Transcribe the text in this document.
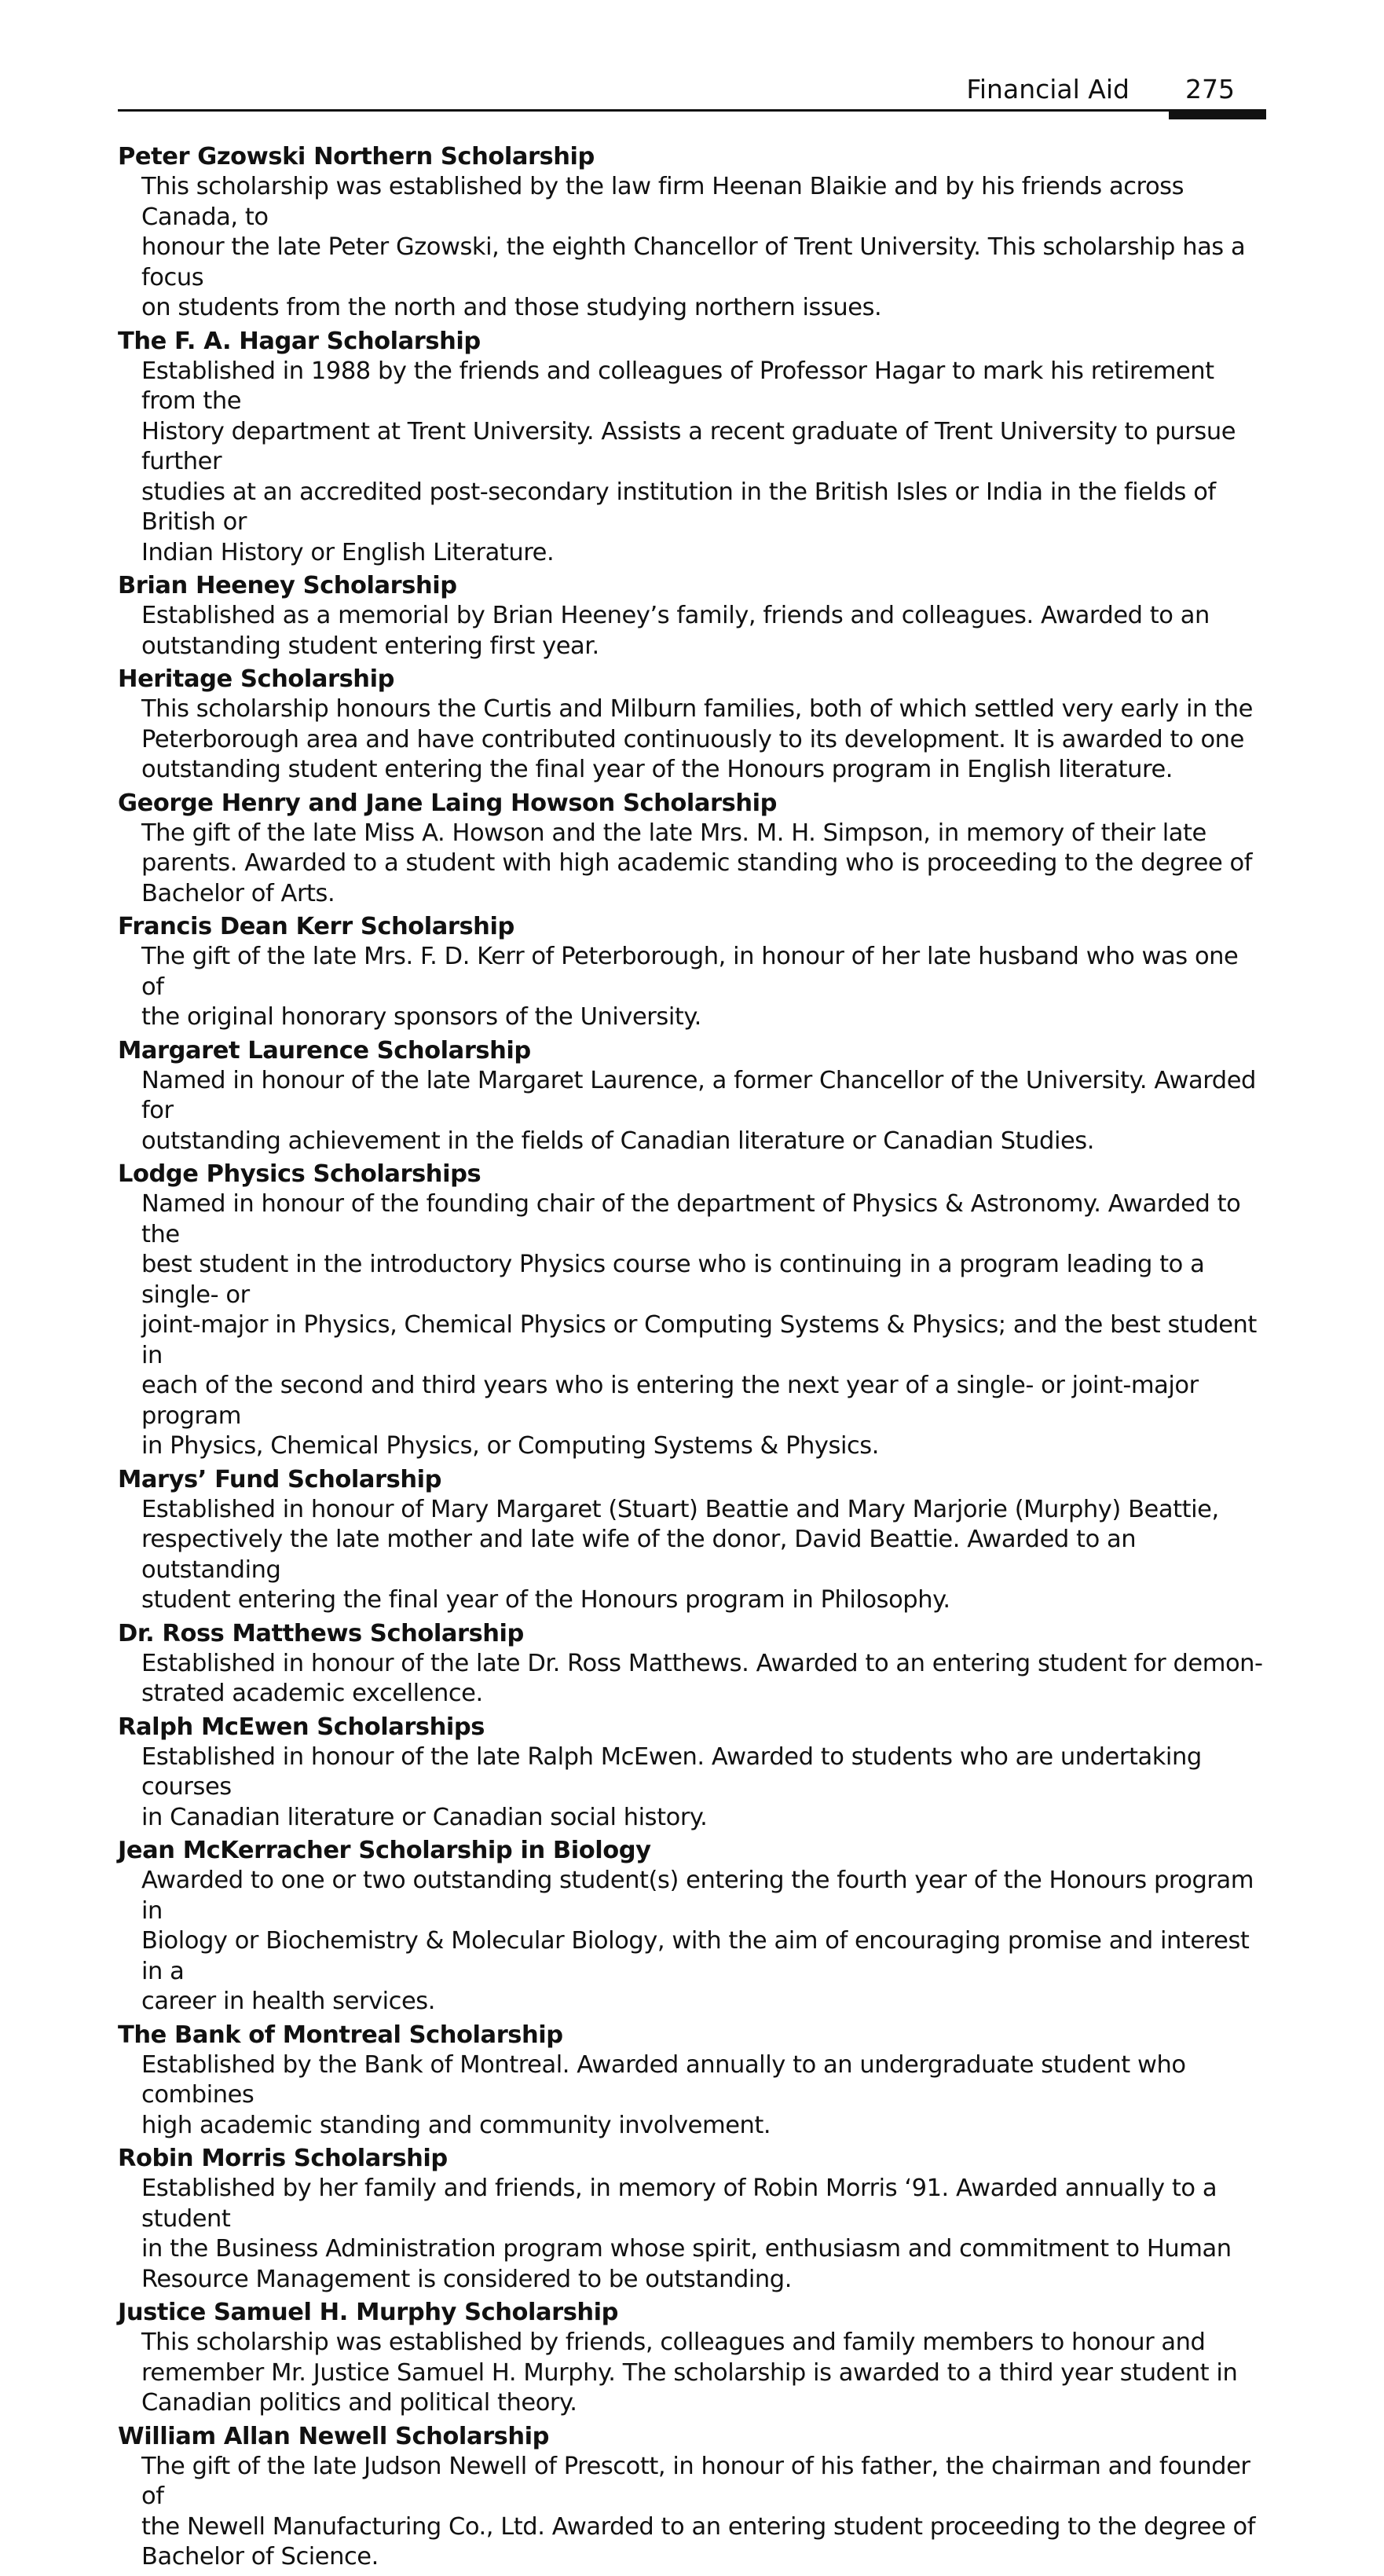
Financial Aid 275
Peter Gzowski Northern Scholarship
This scholarship was established by the law firm Heenan Blaikie and by his friends across Canada, to
honour the late Peter Gzowski, the eighth Chancellor of Trent University. This scholarship has a focus
on students from the north and those studying northern issues.
The F. A. Hagar Scholarship
Established in 1988 by the friends and colleagues of Professor Hagar to mark his retirement from the
History department at Trent University. Assists a recent graduate of Trent University to pursue further
studies at an accredited post-secondary institution in the British Isles or India in the fields of British or
Indian History or English Literature.
Brian Heeney Scholarship
Established as a memorial by Brian Heeney’s family, friends and colleagues. Awarded to an
outstanding student entering first year.
Heritage Scholarship
This scholarship honours the Curtis and Milburn families, both of which settled very early in the
Peterborough area and have contributed continuously to its development. It is awarded to one
outstanding student entering the final year of the Honours program in English literature.
George Henry and Jane Laing Howson Scholarship
The gift of the late Miss A. Howson and the late Mrs. M. H. Simpson, in memory of their late
parents. Awarded to a student with high academic standing who is proceeding to the degree of
Bachelor of Arts.
Francis Dean Kerr Scholarship
The gift of the late Mrs. F. D. Kerr of Peterborough, in honour of her late husband who was one of
the original honorary sponsors of the University.
Margaret Laurence Scholarship
Named in honour of the late Margaret Laurence, a former Chancellor of the University. Awarded for
outstanding achievement in the fields of Canadian literature or Canadian Studies.
Lodge Physics Scholarships
Named in honour of the founding chair of the department of Physics & Astronomy. Awarded to the
best student in the introductory Physics course who is continuing in a program leading to a single- or
joint-major in Physics, Chemical Physics or Computing Systems & Physics; and the best student in
each of the second and third years who is entering the next year of a single- or joint-major program
in Physics, Chemical Physics, or Computing Systems & Physics.
Marys’ Fund Scholarship
Established in honour of Mary Margaret (Stuart) Beattie and Mary Marjorie (Murphy) Beattie,
respectively the late mother and late wife of the donor, David Beattie. Awarded to an outstanding
student entering the final year of the Honours program in Philosophy.
Dr. Ross Matthews Scholarship
Established in honour of the late Dr. Ross Matthews. Awarded to an entering student for demon-
strated academic excellence.
Ralph McEwen Scholarships
Established in honour of the late Ralph McEwen. Awarded to students who are undertaking courses
in Canadian literature or Canadian social history.
Jean McKerracher Scholarship in Biology
Awarded to one or two outstanding student(s) entering the fourth year of the Honours program in
Biology or Biochemistry & Molecular Biology, with the aim of encouraging promise and interest in a
career in health services.
The Bank of Montreal Scholarship
Established by the Bank of Montreal. Awarded annually to an undergraduate student who combines
high academic standing and community involvement.
Robin Morris Scholarship
Established by her family and friends, in memory of Robin Morris ‘91. Awarded annually to a student
in the Business Administration program whose spirit, enthusiasm and commitment to Human
Resource Management is considered to be outstanding.
Justice Samuel H. Murphy Scholarship
This scholarship was established by friends, colleagues and family members to honour and
remember Mr. Justice Samuel H. Murphy. The scholarship is awarded to a third year student in
Canadian politics and political theory.
William Allan Newell Scholarship
The gift of the late Judson Newell of Prescott, in honour of his father, the chairman and founder of
the Newell Manufacturing Co., Ltd. Awarded to an entering student proceeding to the degree of
Bachelor of Science.
